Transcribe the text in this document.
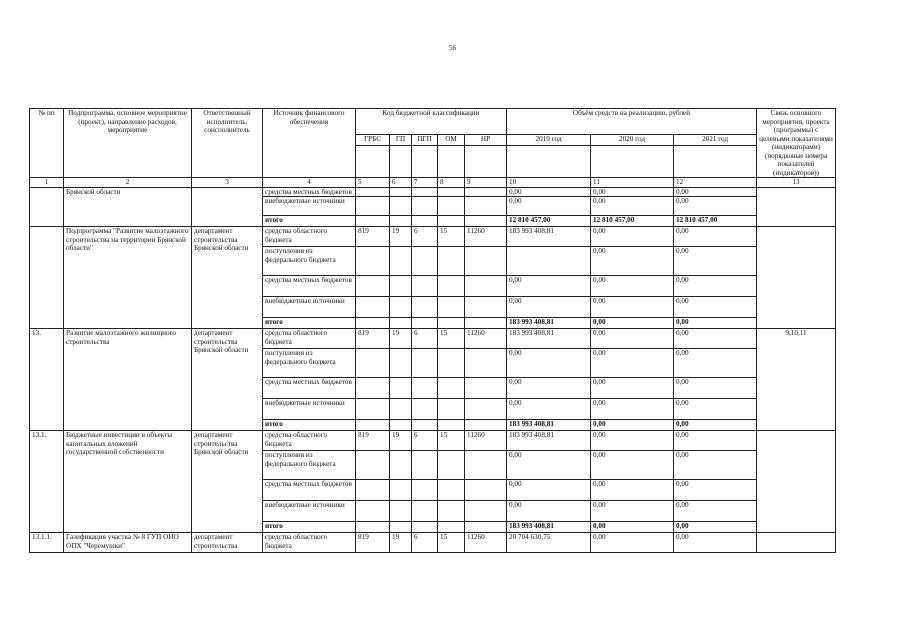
56
№ пп	Подпрограмма, основное мероприятие (проект), направление расходов, мероприятие	Ответственный исполнитель, соисполнитель	Источник финансового обеспечения	Код бюджетной классификации					Объём средств на реализацию, рублей			Связь основного мероприятия, проекта (программы) с целевыми показателями (индикаторами) (порядковые номера показателей (индикаторов))
				ГРБС	ГП	ПГП	ОМ	НР	2019 год	2020 год	2021 год	

1	2	3	4	5	6	7	8	9	10	11	12	13
	Брянской области		средства местных бюджетов						0,00	0,00	0,00	
			внебюджетные источники						0,00	0,00	0,00	
			итого						12 810 457,00	12 810 457,00	12 810 457,00	
	Подпрограмма "Развитие малоэтажного строительства на территории Брянской области"	департамент строительства Брянской области	средства областного бюджета	819	19	6	15	11260	183 993 408,81	0,00	0,00	
			поступления из федерального бюджета							0,00	0,00	
			средства местных бюджетов						0,00	0,00	0,00	
			внебюджетные источники						0,00	0,00	0,00	
			итого						183 993 408,81	0,00	0,00	
13.	Развитие малоэтажного жилищного строительства	департамент строительства Брянской области	средства областного бюджета	819	19	6	15	11260	183 993 408,81	0,00	0,00	9,10,11
			поступления из федерального бюджета						0,00	0,00	0,00	
			средства местных бюджетов						0,00	0,00	0,00	
			внебюджетные источники						0,00	0,00	0,00	
			итого						183 993 408,81	0,00	0,00	
13.1.	Бюджетные инвестиции в объекты капитальных вложений государственной собственности	департамент строительства Брянской области	средства областного бюджета	819	19	6	15	11260	183 993 408,81	0,00	0,00	
			поступления из федерального бюджета						0,00	0,00	0,00	
			средства местных бюджетов						0,00	0,00	0,00	
			внебюджетные источники						0,00	0,00	0,00	
			итого						183 993 408,81	0,00	0,00	
13.1.1.	Газификация участка № 8 ГУП ОНО ОПХ "Черемушки"	департамент строительства	средства областного бюджета	819	19	6	15	11260	20 704 630,75	0,00	0,00	
